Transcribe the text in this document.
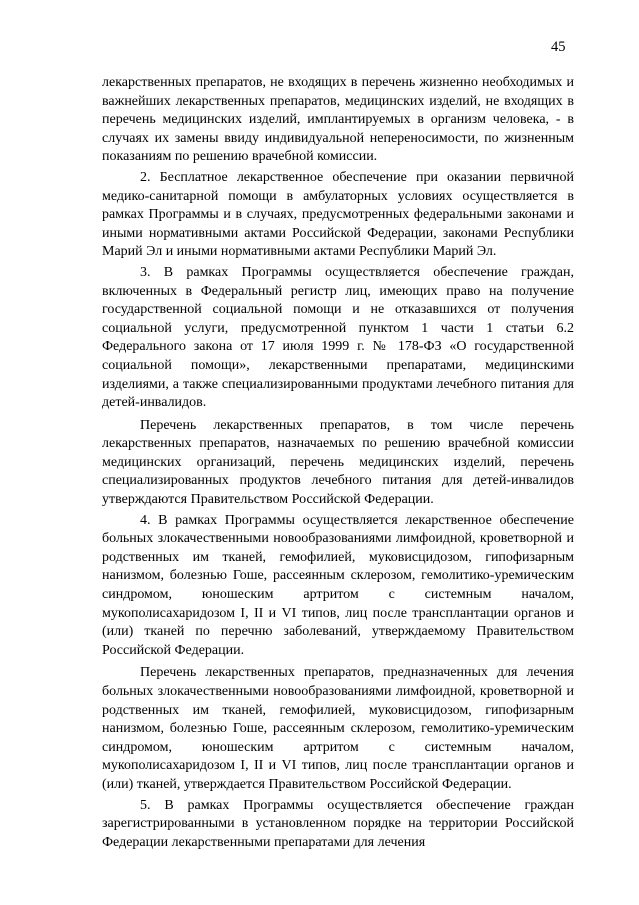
45

лекарственных препаратов, не входящих в перечень жизненно необходимых и важнейших лекарственных препаратов, медицинских изделий, не входящих в перечень медицинских изделий, имплантируемых в организм человека, - в случаях их замены ввиду индивидуальной непереносимости, по жизненным показаниям по решению врачебной комиссии.

2. Бесплатное лекарственное обеспечение при оказании первичной медико-санитарной помощи в амбулаторных условиях осуществляется в рамках Программы и в случаях, предусмотренных федеральными законами и иными нормативными актами Российской Федерации, законами Республики Марий Эл и иными нормативными актами Республики Марий Эл.

3. В рамках Программы осуществляется обеспечение граждан, включенных в Федеральный регистр лиц, имеющих право на получение государственной социальной помощи и не отказавшихся от получения социальной услуги, предусмотренной пунктом 1 части 1 статьи 6.2 Федерального закона от 17 июля 1999 г. № 178-ФЗ «О государственной социальной помощи», лекарственными препаратами, медицинскими изделиями, а также специализированными продуктами лечебного питания для детей-инвалидов.

Перечень лекарственных препаратов, в том числе перечень лекарственных препаратов, назначаемых по решению врачебной комиссии медицинских организаций, перечень медицинских изделий, перечень специализированных продуктов лечебного питания для детей-инвалидов утверждаются Правительством Российской Федерации.

4. В рамках Программы осуществляется лекарственное обеспечение больных злокачественными новообразованиями лимфоидной, кроветворной и родственных им тканей, гемофилией, муковисцидозом, гипофизарным нанизмом, болезнью Гоше, рассеянным склерозом, гемолитико-уремическим синдромом, юношеским артритом с системным началом, мукополисахаридозом I, II и VI типов, лиц после трансплантации органов и (или) тканей по перечню заболеваний, утверждаемому Правительством Российской Федерации.

Перечень лекарственных препаратов, предназначенных для лечения больных злокачественными новообразованиями лимфоидной, кроветворной и родственных им тканей, гемофилией, муковисцидозом, гипофизарным нанизмом, болезнью Гоше, рассеянным склерозом, гемолитико-уремическим синдромом, юношеским артритом с системным началом, мукополисахаридозом I, II и VI типов, лиц после трансплантации органов и (или) тканей, утверждается Правительством Российской Федерации.

5. В рамках Программы осуществляется обеспечение граждан зарегистрированными в установленном порядке на территории Российской Федерации лекарственными препаратами для лечения
